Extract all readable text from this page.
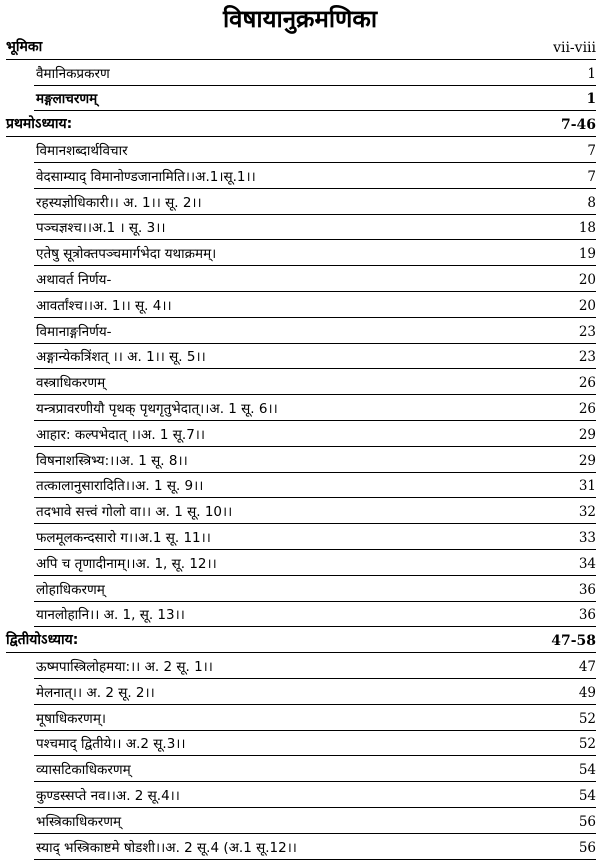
विषायानुक्रमणिका
भूमिका	vii-viii
वैमानिकप्रकरण	1
मङ्गलाचरणम्	1
प्रथमोऽध्याय:	7-46
विमानशब्दार्थविचार	7
वेदसाम्याद् विमानोण्डजानामिति।।अ.1।सू.1।।	7
रहस्यज्ञोधिकारी।। अ. 1।। सू. 2।।	8
पञ्चज्ञश्च।।अ.1 । सू. 3।।	18
एतेषु सूत्रोक्तपञ्चमार्गभेदा यथाक्रमम्।	19
अथावर्त निर्णय-	20
आवर्तांश्च।।अ. 1।। सू. 4।।	20
विमानाङ्गनिर्णय-	23
अङ्गान्येकत्रिंशत् ।। अ. 1।। सू. 5।।	23
वस्त्राधिकरणम्	26
यन्त्रप्रावरणीयौ पृथक् पृथगृतुभेदात्।।अ. 1 सू. 6।।	26
आहार: कल्पभेदात् ।।अ. 1 सू.7।।	29
विषनाशस्त्रिभ्य:।।अ. 1 सू. 8।।	29
तत्कालानुसारादिति।।अ. 1 सू. 9।।	31
तदभावे सत्त्वं गोलो वा।। अ. 1 सू. 10।।	32
फलमूलकन्दसारो ग।।अ.1 सू. 11।।	33
अपि च तृणादीनाम्।।अ. 1, सू. 12।।	34
लोहाधिकरणम्	36
यानलोहानि।। अ. 1, सू. 13।।	36
द्वितीयोऽध्याय:	47-58
ऊष्मपास्त्रिलोहमया:।। अ. 2 सू. 1।।	47
मेलनात्।। अ. 2 सू. 2।।	49
मूषाधिकरणम्।	52
पश्चमाद् द्वितीये।। अ.2 सू.3।।	52
व्यासटिकाधिकरणम्	54
कुण्डस्सप्ते नव।।अ. 2 सू.4।।	54
भस्त्रिकाधिकरणम्	56
स्याद् भस्त्रिकाष्टमे षोडशी।।अ. 2 सू.4 (अ.1 सू.12।।	56
